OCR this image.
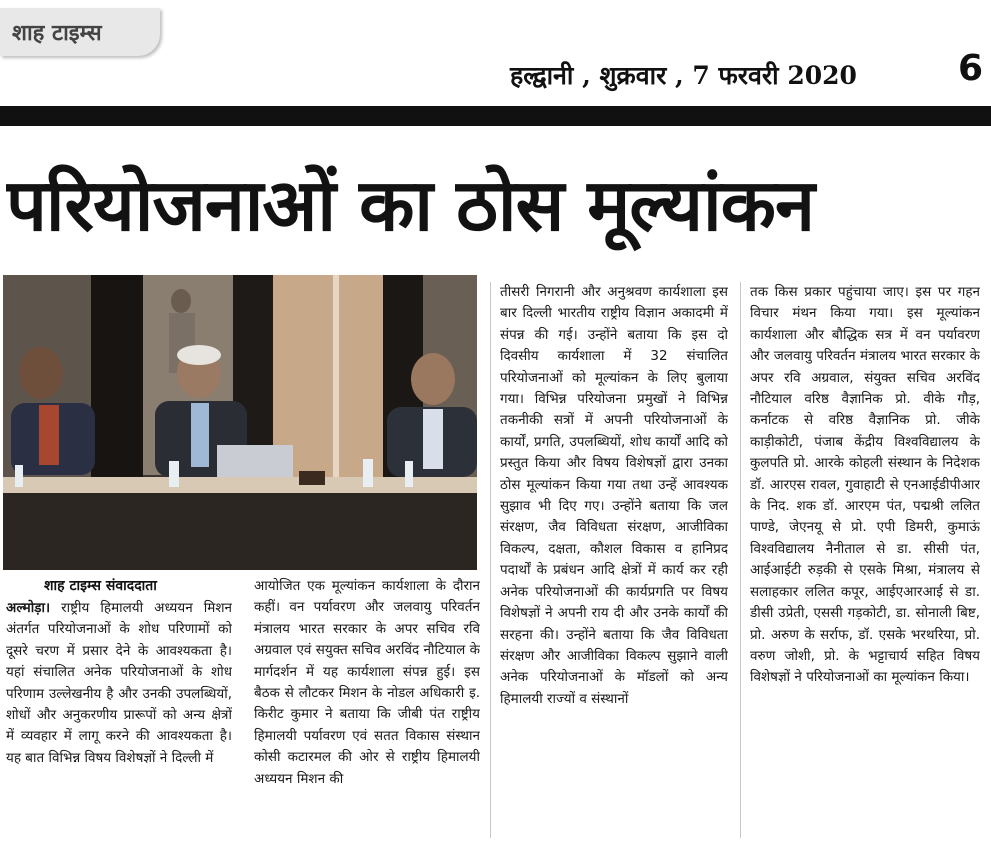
शाह टाइम्स
हल्द्वानी , शुक्रवार , 7 फरवरी 2020	6
परियोजनाओं का ठोस मूल्यांकन
शाह टाइम्स संवाददाता

अल्मोड़ा। राष्ट्रीय हिमालयी अध्ययन मिशन अंतर्गत परियोजनाओं के शोध परिणामों को दूसरे चरण में प्रसार देने के आवश्यकता है। यहां संचालित अनेक परियोजनाओं के शोध परिणाम उल्लेखनीय है और उनकी उपलब्धियों, शोधों और अनुकरणीय प्रारूपों को अन्य क्षेत्रों में व्यवहार में लागू करने की आवश्यकता है। यह बात विभिन्न विषय विशेषज्ञों ने दिल्ली में

आयोजित एक मूल्यांकन कार्यशाला के दौरान कहीं। वन पर्यावरण और जलवायु परिवर्तन मंत्रालय भारत सरकार के अपर सचिव रवि अग्रवाल एवं सयुक्त सचिव अरविंद नौटियाल के मार्गदर्शन में यह कार्यशाला संपन्न हुई। इस बैठक से लौटकर मिशन के नोडल अधिकारी इ. किरीट कुमार ने बताया कि जीबी पंत राष्ट्रीय हिमालयी पर्यावरण एवं सतत विकास संस्थान कोसी कटारमल की ओर से राष्ट्रीय हिमालयी अध्ययन मिशन की

तीसरी निगरानी और अनुश्रवण कार्यशाला इस बार दिल्ली भारतीय राष्ट्रीय विज्ञान अकादमी में संपन्न की गई। उन्होंने बताया कि इस दो दिवसीय कार्यशाला में 32 संचालित परियोजनाओं को मूल्यांकन के लिए बुलाया गया। विभिन्न परियोजना प्रमुखों ने विभिन्न तकनीकी सत्रों में अपनी परियोजनाओं के कार्यों, प्रगति, उपलब्धियों, शोध कार्यों आदि को प्रस्तुत किया और विषय विशेषज्ञों द्वारा उनका ठोस मूल्यांकन किया गया तथा उन्हें आवश्यक सुझाव भी दिए गए। उन्होंने बताया कि जल संरक्षण, जैव विविधता संरक्षण, आजीविका विकल्प, दक्षता, कौशल विकास व हानिप्रद पदार्थों के प्रबंधन आदि क्षेत्रों में कार्य कर रही अनेक परियोजनाओं की कार्यप्रगति पर विषय विशेषज्ञों ने अपनी राय दी और उनके कार्यों की सरहना की। उन्होंने बताया कि जैव विविधता संरक्षण और आजीविका विकल्प सुझाने वाली अनेक परियोजनाओं के मॉडलों को अन्य हिमालयी राज्यों व संस्थानों

तक किस प्रकार पहुंचाया जाए। इस पर गहन विचार मंथन किया गया। इस मूल्यांकन कार्यशाला और बौद्धिक सत्र में वन पर्यावरण और जलवायु परिवर्तन मंत्रालय भारत सरकार के अपर रवि अग्रवाल, संयुक्त सचिव अरविंद नौटियाल वरिष्ठ वैज्ञानिक प्रो. वीके गौड़, कर्नाटक से वरिष्ठ वैज्ञानिक प्रो. जीके काड़ीकोटी, पंजाब केंद्रीय विश्वविद्यालय के कुलपति प्रो. आरके कोहली संस्थान के निदेशक डॉ. आरएस रावल, गुवाहाटी से एनआईडीपीआर के निद. शक डॉ. आरएम पंत, पद्मश्री ललित पाण्डे, जेएनयू से प्रो. एपी डिमरी, कुमाऊं विश्वविद्यालय नैनीताल से डा. सीसी पंत, आईआईटी रुड़की से एसके मिश्रा, मंत्रालय से सलाहकार ललित कपूर, आईएआरआई से डा. डीसी उप्रेती, एससी गड़कोटी, डा. सोनाली बिष्ट, प्रो. अरुण के सर्राफ, डॉ. एसके भरथरिया, प्रो. वरुण जोशी, प्रो. के भट्टाचार्य सहित विषय विशेषज्ञों ने परियोजनाओं का मूल्यांकन किया।
